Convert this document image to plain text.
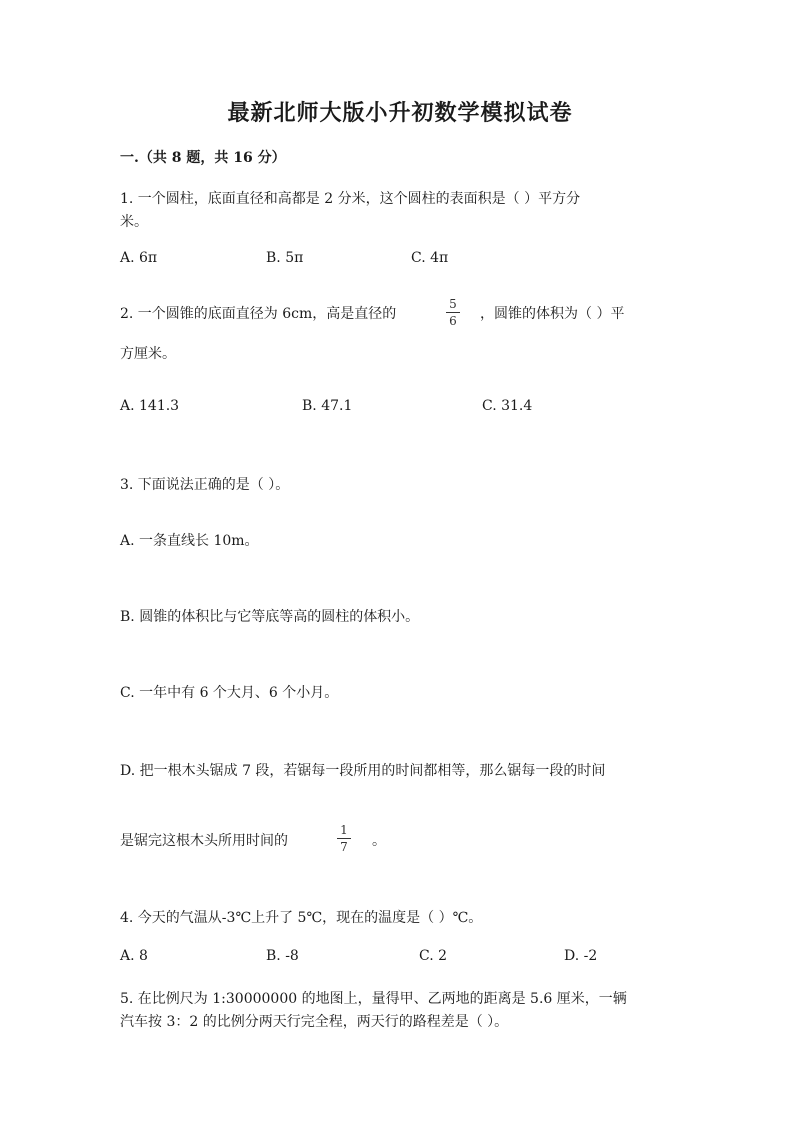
最新北师大版小升初数学模拟试卷
一.（共 8 题，共 16 分）
1. 一个圆柱，底面直径和高都是 2 分米，这个圆柱的表面积是（ ）平方分
米。
A. 6π	B. 5π	C. 4π
2. 一个圆锥的底面直径为 6cm，高是直径的
5
6 ，圆锥的体积为（ ）平
方厘米。
A. 141.3	B. 47.1	C. 31.4
3. 下面说法正确的是（ ）。
A. 一条直线长 10m。
B. 圆锥的体积比与它等底等高的圆柱的体积小。
C. 一年中有 6 个大月、6 个小月。
D. 把一根木头锯成 7 段，若锯每一段所用的时间都相等，那么锯每一段的时间
是锯完这根木头所用时间的
1
7 。
4. 今天的气温从-3℃上升了 5℃，现在的温度是（ ）℃。
A. 8	B. -8	C. 2	D. -2
5. 在比例尺为 1:30000000 的地图上，量得甲、乙两地的距离是 5.6 厘米，一辆
汽车按 3：2 的比例分两天行完全程，两天行的路程差是（ ）。
